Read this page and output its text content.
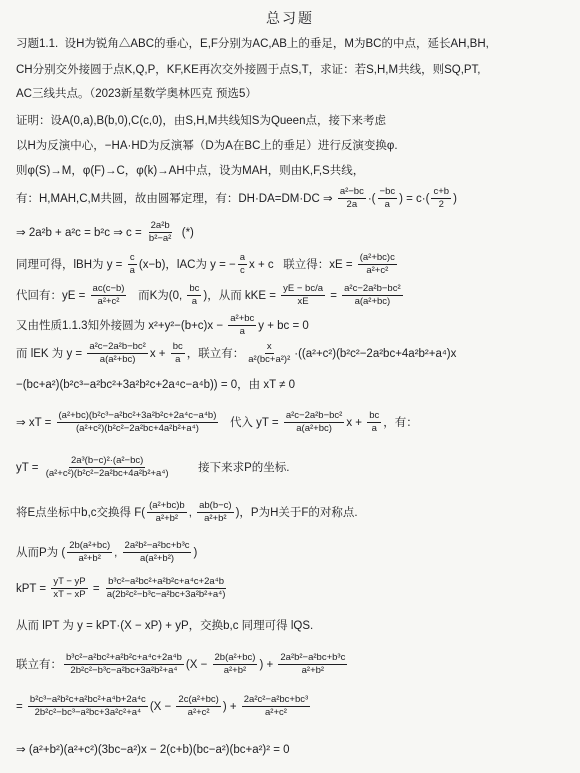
总习题
习题1.1.  设H为锐角△ABC的垂心，E,F分别为AC,AB上的垂足，M为BC的中点，延长AH,BH,
CH分别交外接圆于点K,Q,P，KF,KE再次交外接圆于点S,T，求证：若S,H,M共线，则SQ,PT,
AC三线共点。（2023新星数学奥林匹克 预选5）
证明：设A(0,a),B(b,0),C(c,0)，由S,H,M共线知S为Queen点，接下来考虑
以H为反演中心，−HA·HD为反演幂（D为A在BC上的垂足）进行反演变换φ.
则φ(S)→M，φ(F)→C，φ(k)→AH中点，设为MAH，则由K,F,S共线，
有：H,MAH,C,M共圆，故由圆幂定理，有：DH·DA=DM·DC ⇒ $\frac{\text{a²−bc}}{2a}$ ·( $\frac{-bc}{a}$ ) = $c\cdot( \frac{c+b}{2}$ )
⇒ 2a²b + a²c = b²c ⇒ $c = \frac{\text{2a²b}}{\text{b²−a²}}$ (*)
同理可得，lBH为 $y = \frac{c}{a} (x-b)$，lAC为 y = − $\frac{a}{c}$ x + c   联立得：xE = $\frac{\text{(a²+bc)c}}{\text{a²+c²}}$
代回有：yE = $\frac{ac(c-b)}{\text{a²+c²}}$ 而K为(0, $\frac{bc}{a}$ )，从而 kKE = $\frac{yE - bc/a}{xE} = \frac{\text{a²c−2a²b−bc²}}{\text{a(a²+bc)}}$
又由性质1.1.3知外接圆为 $x^2+y^2-(b+c)x - \frac{\text{a²+bc}}{a}$ y + bc = 0
而 lEK 为 $y = \frac{\text{a²c−2a²b−bc²}}{\text{a(a²+bc)}}$ $x + \frac{bc}{a}$ ，联立有： $\frac{x}{\text{a²(bc+a²)²}} \cdot((a^2+c^2)(b^2c^2-2a^2bc+4a^2b^2+a^4)x$
−(bc+a²)(b²c³−a²bc²+3a²b²c+2a⁴c−a⁴b)) = 0，由 xT ≠ 0
⇒ xT = $\frac{\text{(a²+bc)(b²c³−a²bc²+3a²b²c+2a⁴c−a⁴b)}}{\text{(a²+c²)(b²c²−2a²bc+4a²b²+a⁴)}}$ 代入 yT = $\frac{\text{a²c−2a²b−bc²}}{\text{a(a²+bc)}}$ $x + \frac{bc}{a}$ ，有：
yT = $\frac{\text{2a³(b−c)²·(a²−bc)}}{\text{(a²+c²)(b²c²−2a²bc+4a²b²+a⁴)}}$ 接下来求P的坐标.
将E点坐标中b,c交换得 $F( \frac{\text{(a²+bc)b}}{\text{a²+b²}}$ , $\frac{ab(b-c)}{\text{a²+b²}}$ )，P为H关于F的对称点.
从而P为 ( $\frac{\text{2b(a²+bc)}}{\text{a²+b²}}$ , $\frac{\text{2a²b²−a²bc+b³c}}{\text{a(a²+b²)}}$ )
kPT = $\frac{yT - yP}{xT - xP} = \frac{\text{b³c²−a²bc²+a²b²c+a⁴c+2a⁴b}}{\text{a(2b²c²−b³c−a²bc+3a²b²+a⁴)}}$
从而 lPT 为 y = kPT·(X − xP) + yP，交换b,c 同理可得 lQS.
联立有： $\frac{\text{b³c²−a²bc²+a²b²c+a⁴c+2a⁴b}}{\text{2b²c²−b³c−a²bc+3a²b²+a⁴}} (X - \frac{\text{2b(a²+bc)}}{\text{a²+b²}}$ ) + $\frac{\text{2a²b²−a²bc+b³c}}{\text{a²+b²}}$
= $\frac{\text{b²c³−a²b²c+a²bc²+a⁴b+2a⁴c}}{\text{2b²c²−bc³−a²bc+3a²c²+a⁴}} (X - \frac{\text{2c(a²+bc)}}{\text{a²+c²}}$ ) + $\frac{\text{2a²c²−a²bc+bc³}}{\text{a²+c²}}$
⇒ (a²+b²)(a²+c²)(3bc−a²)x − 2(c+b)(bc−a²)(bc+a²)² = 0
